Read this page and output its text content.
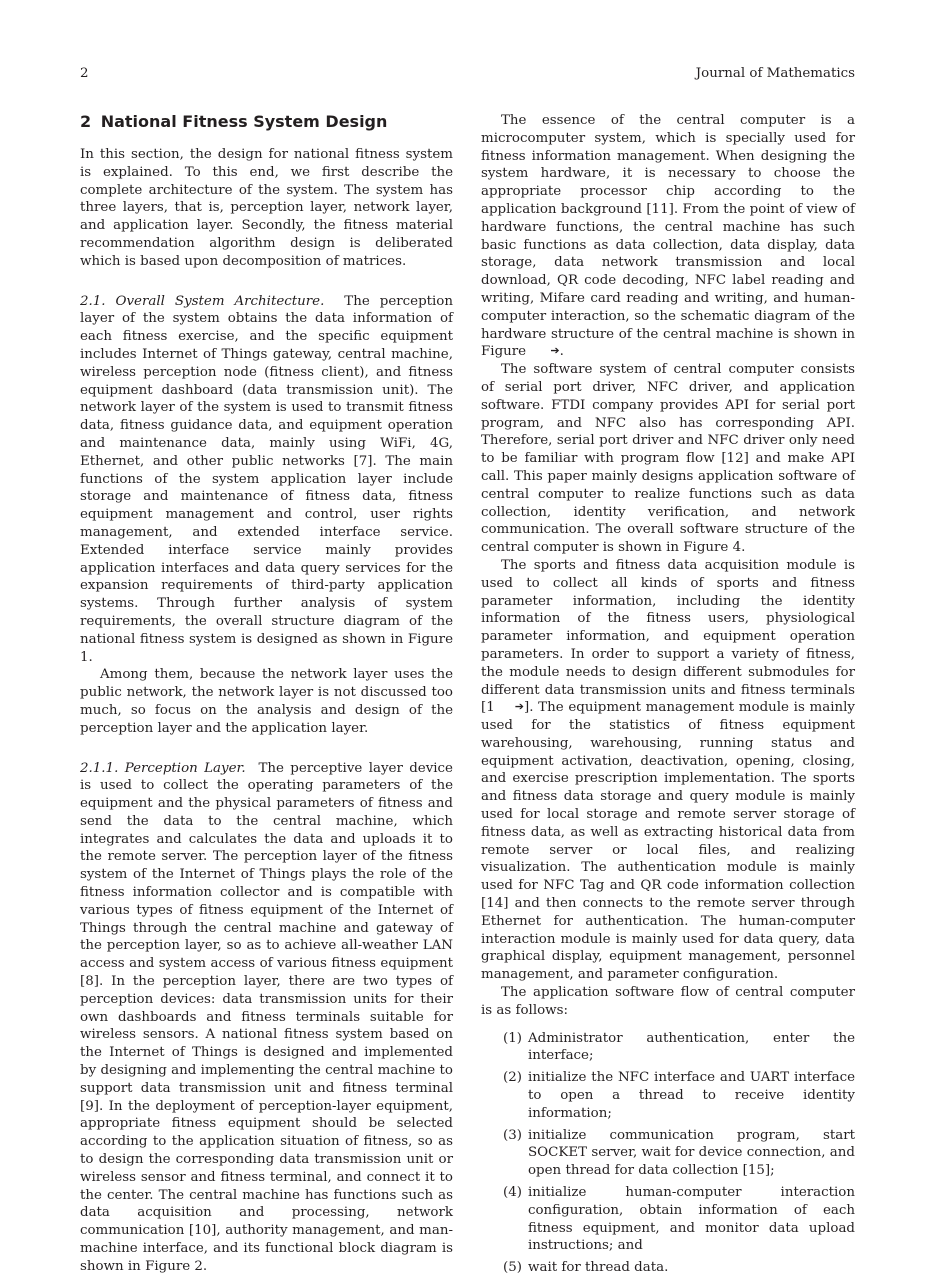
2	Journal of Mathematics
2 National Fitness System Design

In this section, the design for national fitness system is explained. To this end, we first describe the complete architecture of the system. The system has three layers, that is, perception layer, network layer, and application layer. Secondly, the fitness material recommendation algorithm design is deliberated which is based upon decomposition of matrices.

2.1. Overall System Architecture. The perception layer of the system obtains the data information of each fitness exercise, and the specific equipment includes Internet of Things gateway, central machine, wireless perception node (fitness client), and fitness equipment dashboard (data transmission unit). The network layer of the system is used to transmit fitness data, fitness guidance data, and equipment operation and maintenance data, mainly using WiFi, 4G, Ethernet, and other public networks [7]. The main functions of the system application layer include storage and maintenance of fitness data, fitness equipment management and control, user rights management, and extended interface service. Extended interface service mainly provides application interfaces and data query services for the expansion requirements of third-party application systems. Through further analysis of system requirements, the overall structure diagram of the national fitness system is designed as shown in Figure 1.

Among them, because the network layer uses the public network, the network layer is not discussed too much, so focus on the analysis and design of the perception layer and the application layer.

2.1.1. Perception Layer. The perceptive layer device is used to collect the operating parameters of the equipment and the physical parameters of fitness and send the data to the central machine, which integrates and calculates the data and uploads it to the remote server. The perception layer of the fitness system of the Internet of Things plays the role of the fitness information collector and is compatible with various types of fitness equipment of the Internet of Things through the central machine and gateway of the perception layer, so as to achieve all-weather LAN access and system access of various fitness equipment [8]. In the perception layer, there are two types of perception devices: data transmission units for their own dashboards and fitness terminals suitable for wireless sensors. A national fitness system based on the Internet of Things is designed and implemented by designing and implementing the central machine to support data transmission unit and fitness terminal [9]. In the deployment of perception-layer equipment, appropriate fitness equipment should be selected according to the application situation of fitness, so as to design the corresponding data transmission unit or wireless sensor and fitness terminal, and connect it to the center. The central machine has functions such as data acquisition and processing, network communication [10], authority management, and man-machine interface, and its functional block diagram is shown in Figure 2.

The essence of the central computer is a microcomputer system, which is specially used for fitness information management. When designing the system hardware, it is necessary to choose the appropriate processor chip according to the application background [11]. From the point of view of hardware functions, the central machine has such basic functions as data collection, data display, data storage, data network transmission and local download, QR code decoding, NFC label reading and writing, Mifare card reading and writing, and human-computer interaction, so the schematic diagram of the hardware structure of the central machine is shown in Figure ➔.

The software system of central computer consists of serial port driver, NFC driver, and application software. FTDI company provides API for serial port program, and NFC also has corresponding API. Therefore, serial port driver and NFC driver only need to be familiar with program flow [12] and make API call. This paper mainly designs application software of central computer to realize functions such as data collection, identity verification, and network communication. The overall software structure of the central computer is shown in Figure 4.

The sports and fitness data acquisition module is used to collect all kinds of sports and fitness parameter information, including the identity information of the fitness users, physiological parameter information, and equipment operation parameters. In order to support a variety of fitness, the module needs to design different submodules for different data transmission units and fitness terminals [1 ➔]. The equipment management module is mainly used for the statistics of fitness equipment warehousing, warehousing, running status and equipment activation, deactivation, opening, closing, and exercise prescription implementation. The sports and fitness data storage and query module is mainly used for local storage and remote server storage of fitness data, as well as extracting historical data from remote server or local files, and realizing visualization. The authentication module is mainly used for NFC Tag and QR code information collection [14] and then connects to the remote server through Ethernet for authentication. The human-computer interaction module is mainly used for data query, data graphical display, equipment management, personnel management, and parameter configuration.

The application software flow of central computer is as follows:

(1) Administrator authentication, enter the interface;
(2) initialize the NFC interface and UART interface to open a thread to receive identity information;
(3) initialize communication program, start SOCKET server, wait for device connection, and open thread for data collection [15];
(4) initialize human-computer interaction configuration, obtain information of each fitness equipment, and monitor data upload instructions; and
(5) wait for thread data.
